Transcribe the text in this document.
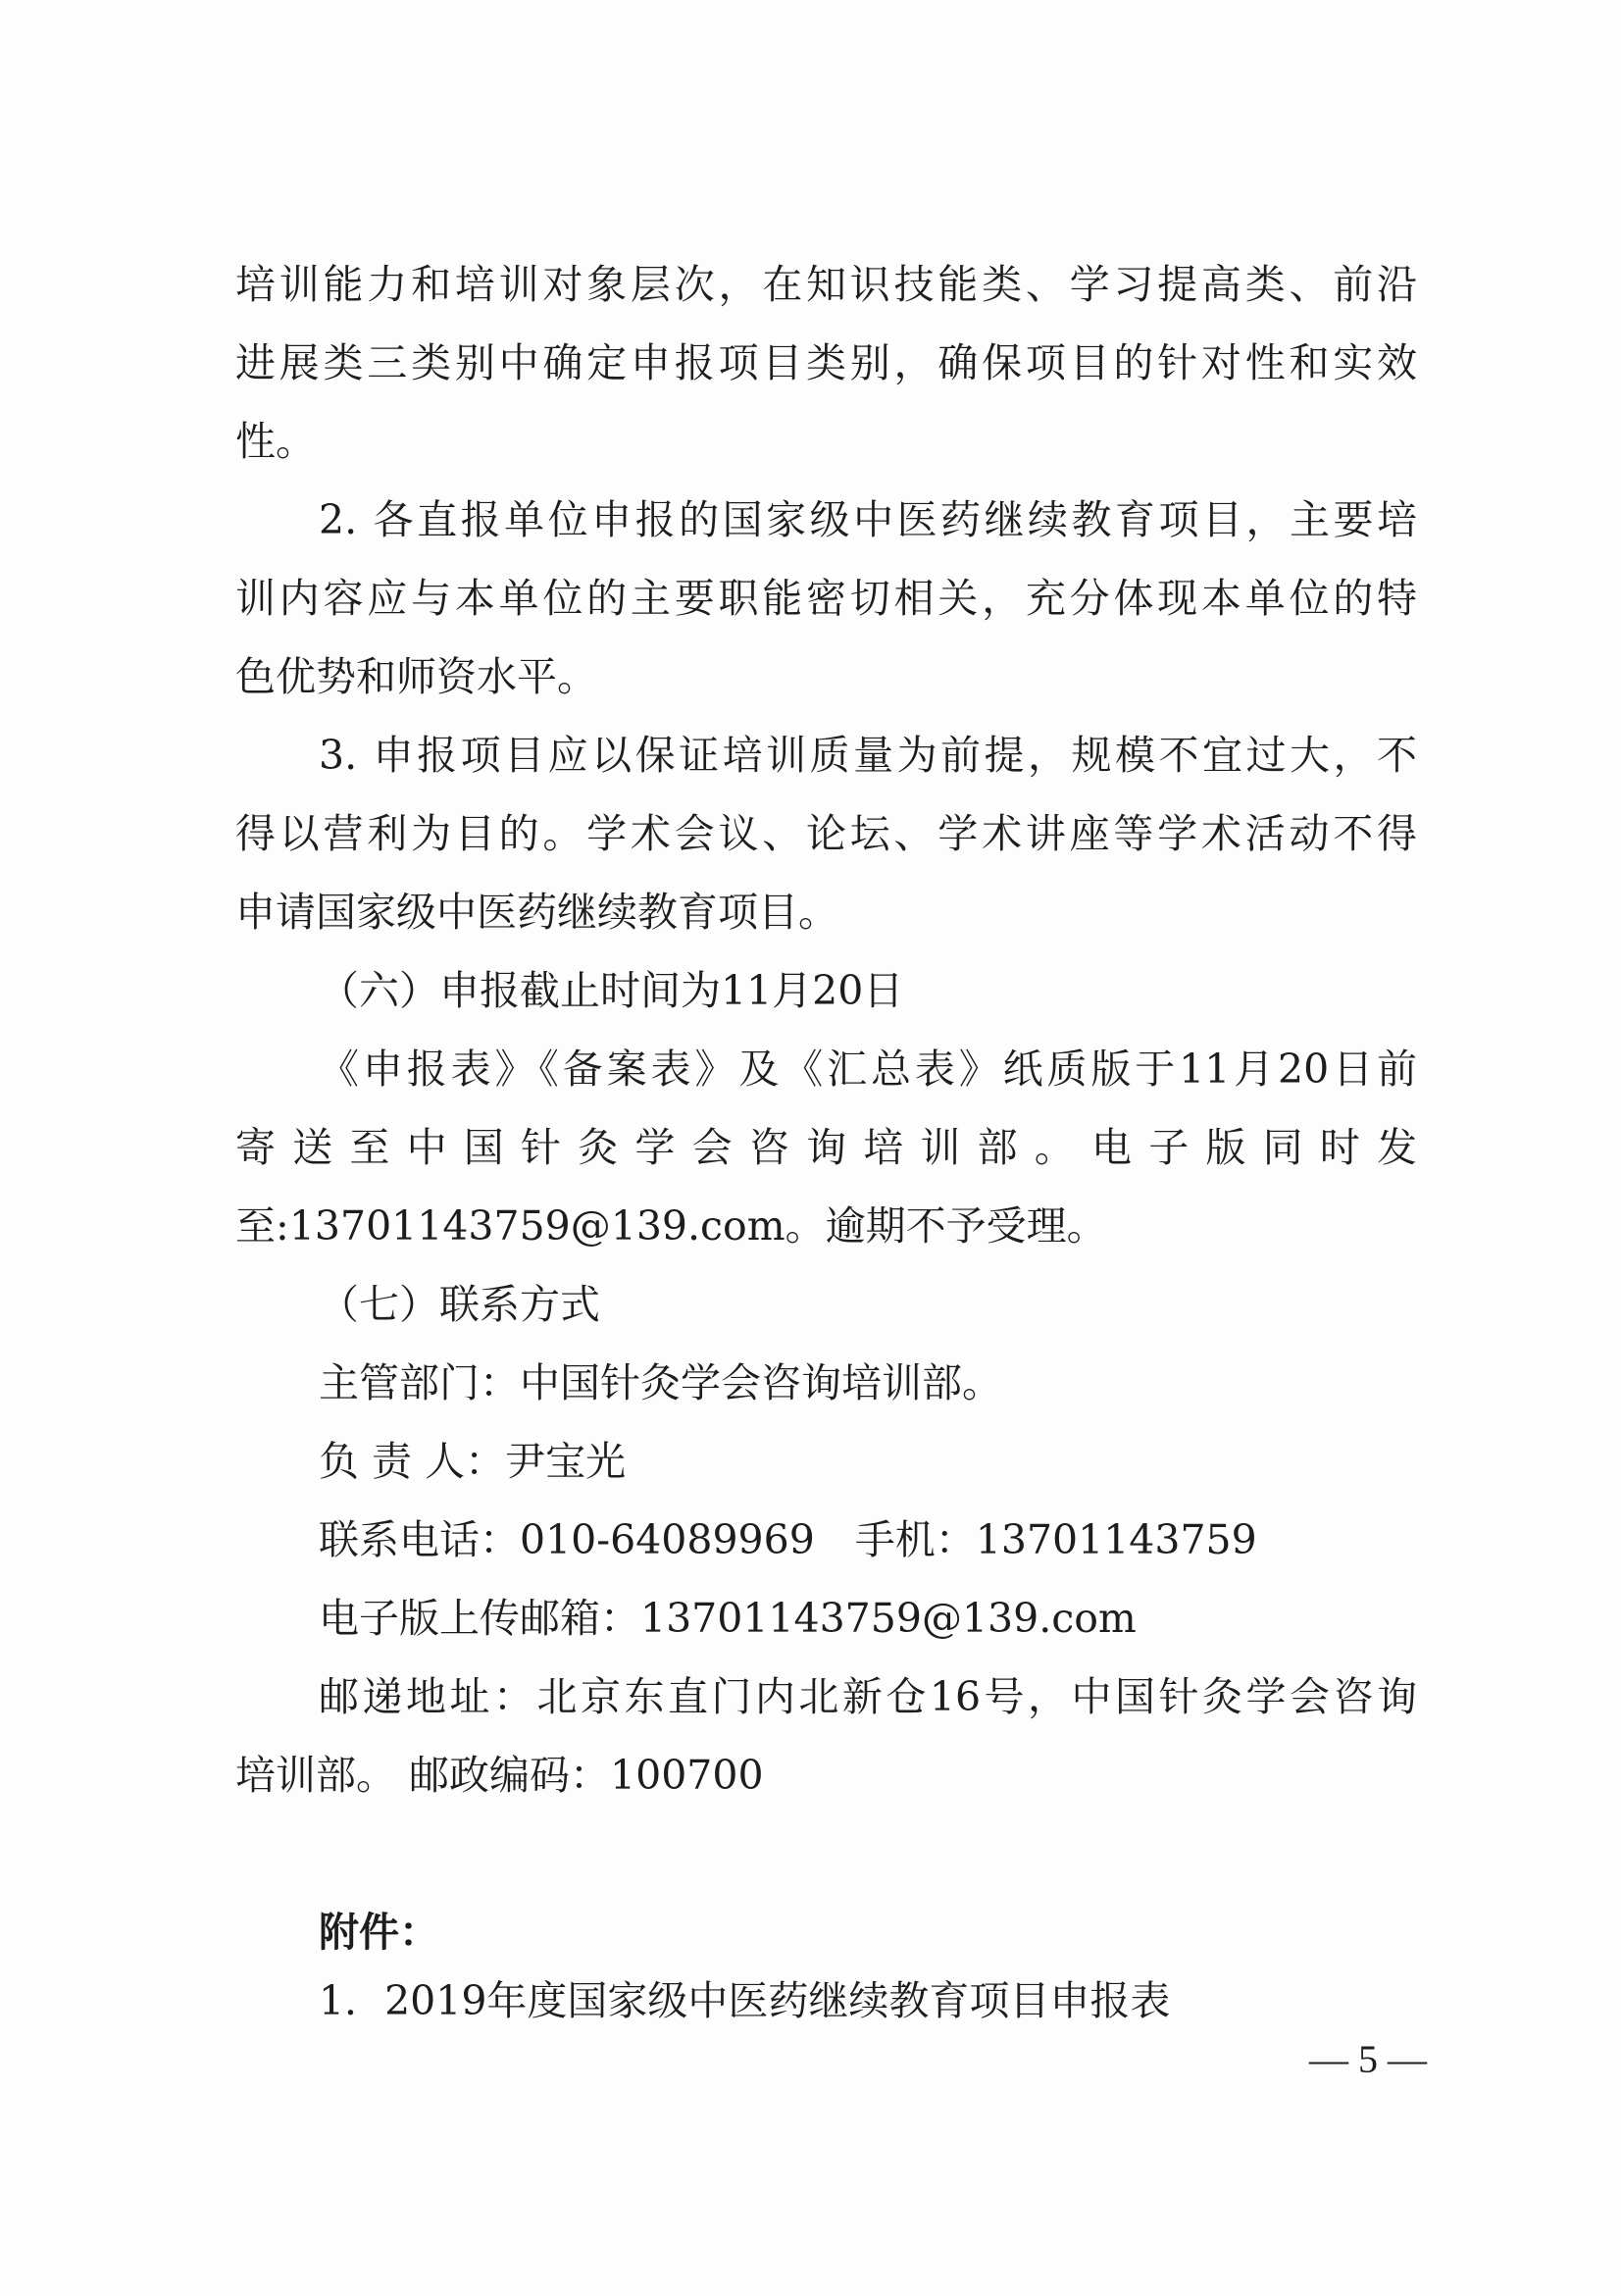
培训能力和培训对象层次，在知识技能类、学习提高类、前沿
进展类三类别中确定申报项目类别，确保项目的针对性和实效
性。
2. 各直报单位申报的国家级中医药继续教育项目，主要培
训内容应与本单位的主要职能密切相关，充分体现本单位的特
色优势和师资水平。
3. 申报项目应以保证培训质量为前提，规模不宜过大，不
得以营利为目的。学术会议、论坛、学术讲座等学术活动不得
申请国家级中医药继续教育项目。
（六）申报截止时间为11月20日
《申报表》《备案表》及《汇总表》纸质版于11月20日前
寄送至中国针灸学会咨询培训部。电子版同时发
至:13701143759@139.com。逾期不予受理。
（七）联系方式
主管部门：中国针灸学会咨询培训部。
负 责 人：尹宝光
联系电话：010-64089969　手机：13701143759
电子版上传邮箱：13701143759@139.com
邮递地址：北京东直门内北新仓16号，中国针灸学会咨询
培训部。 邮政编码：100700
附件：
1．2019年度国家级中医药继续教育项目申报表
— 5 —
